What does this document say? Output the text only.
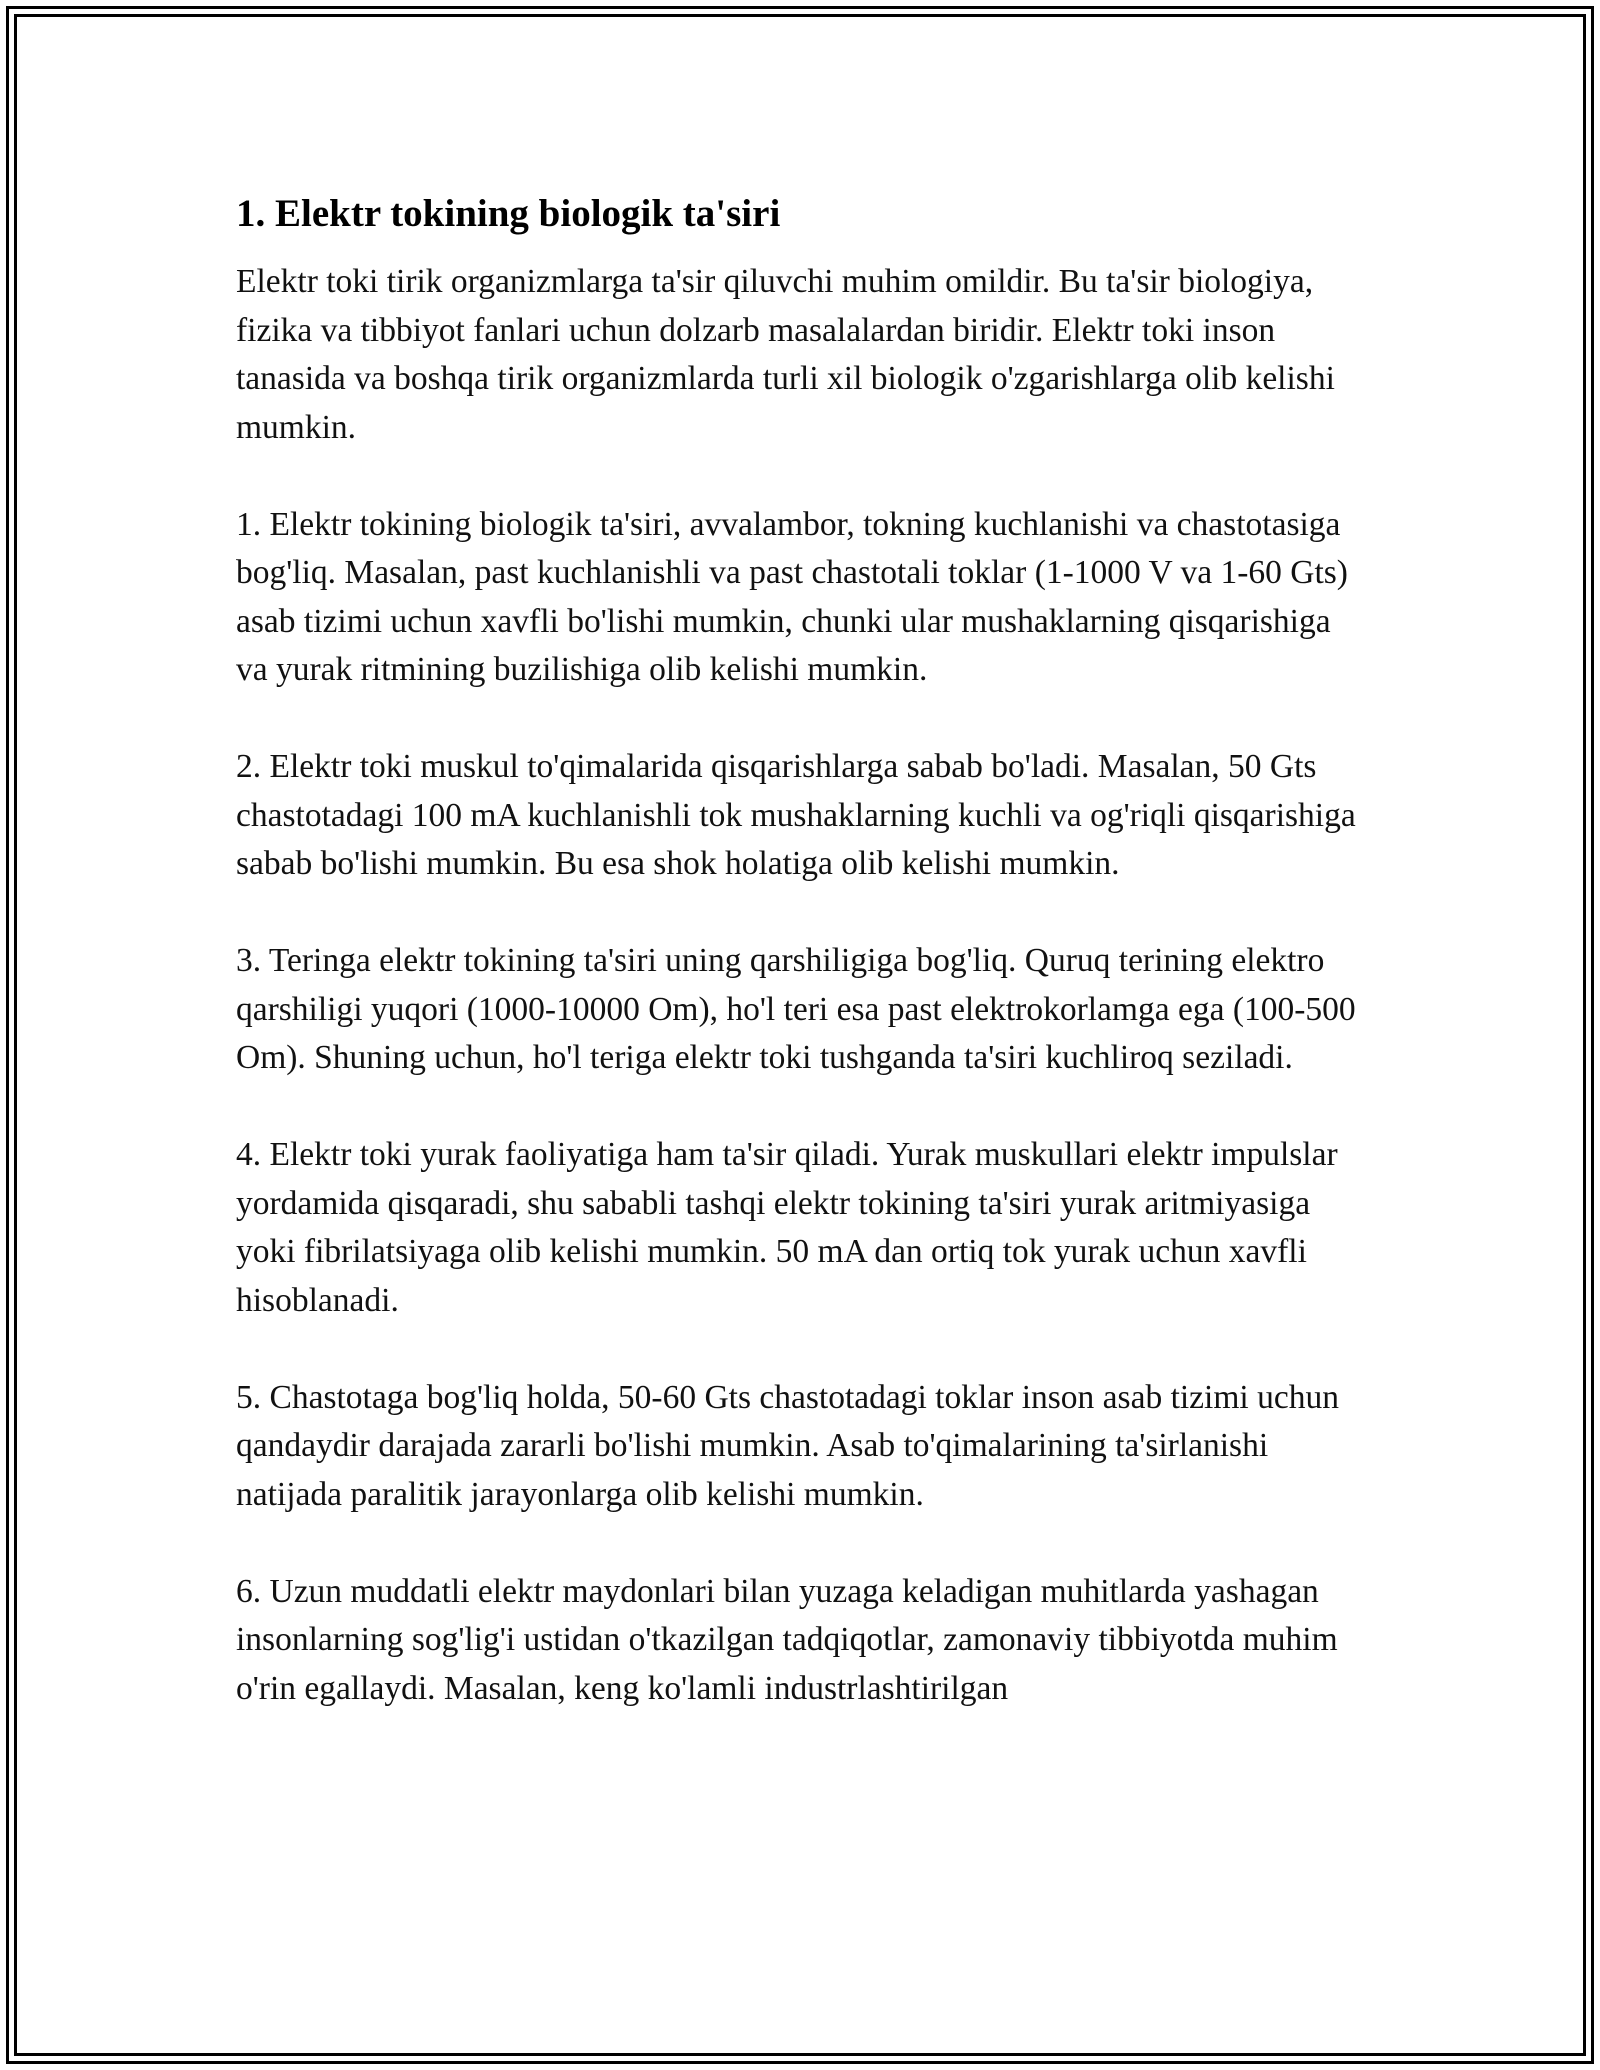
1. Elektr tokining biologik ta'siri

Elektr toki tirik organizmlarga ta'sir qiluvchi muhim omildir. Bu ta'sir biologiya, fizika va tibbiyot fanlari uchun dolzarb masalalardan biridir. Elektr toki inson tanasida va boshqa tirik organizmlarda turli xil biologik o'zgarishlarga olib kelishi mumkin.

1. Elektr tokining biologik ta'siri, avvalambor, tokning kuchlanishi va chastotasiga bog'liq. Masalan, past kuchlanishli va past chastotali toklar (1-1000 V va 1-60 Gts) asab tizimi uchun xavfli bo'lishi mumkin, chunki ular mushaklarning qisqarishiga va yurak ritmining buzilishiga olib kelishi mumkin.

2. Elektr toki muskul to'qimalarida qisqarishlarga sabab bo'ladi. Masalan, 50 Gts chastotadagi 100 mA kuchlanishli tok mushaklarning kuchli va og'riqli qisqarishiga sabab bo'lishi mumkin. Bu esa shok holatiga olib kelishi mumkin.

3. Teringa elektr tokining ta'siri uning qarshiligiga bog'liq. Quruq terining elektro qarshiligi yuqori (1000-10000 Om), ho'l teri esa past elektrokorlamga ega (100-500 Om). Shuning uchun, ho'l teriga elektr toki tushganda ta'siri kuchliroq seziladi.

4. Elektr toki yurak faoliyatiga ham ta'sir qiladi. Yurak muskullari elektr impulslar yordamida qisqaradi, shu sababli tashqi elektr tokining ta'siri yurak aritmiyasiga yoki fibrilatsiyaga olib kelishi mumkin. 50 mA dan ortiq tok yurak uchun xavfli hisoblanadi.

5. Chastotaga bog'liq holda, 50-60 Gts chastotadagi toklar inson asab tizimi uchun qandaydir darajada zararli bo'lishi mumkin. Asab to'qimalarining ta'sirlanishi natijada paralitik jarayonlarga olib kelishi mumkin.

6. Uzun muddatli elektr maydonlari bilan yuzaga keladigan muhitlarda yashagan insonlarning sog'lig'i ustidan o'tkazilgan tadqiqotlar, zamonaviy tibbiyotda muhim o'rin egallaydi. Masalan, keng ko'lamli industrlashtirilgan
